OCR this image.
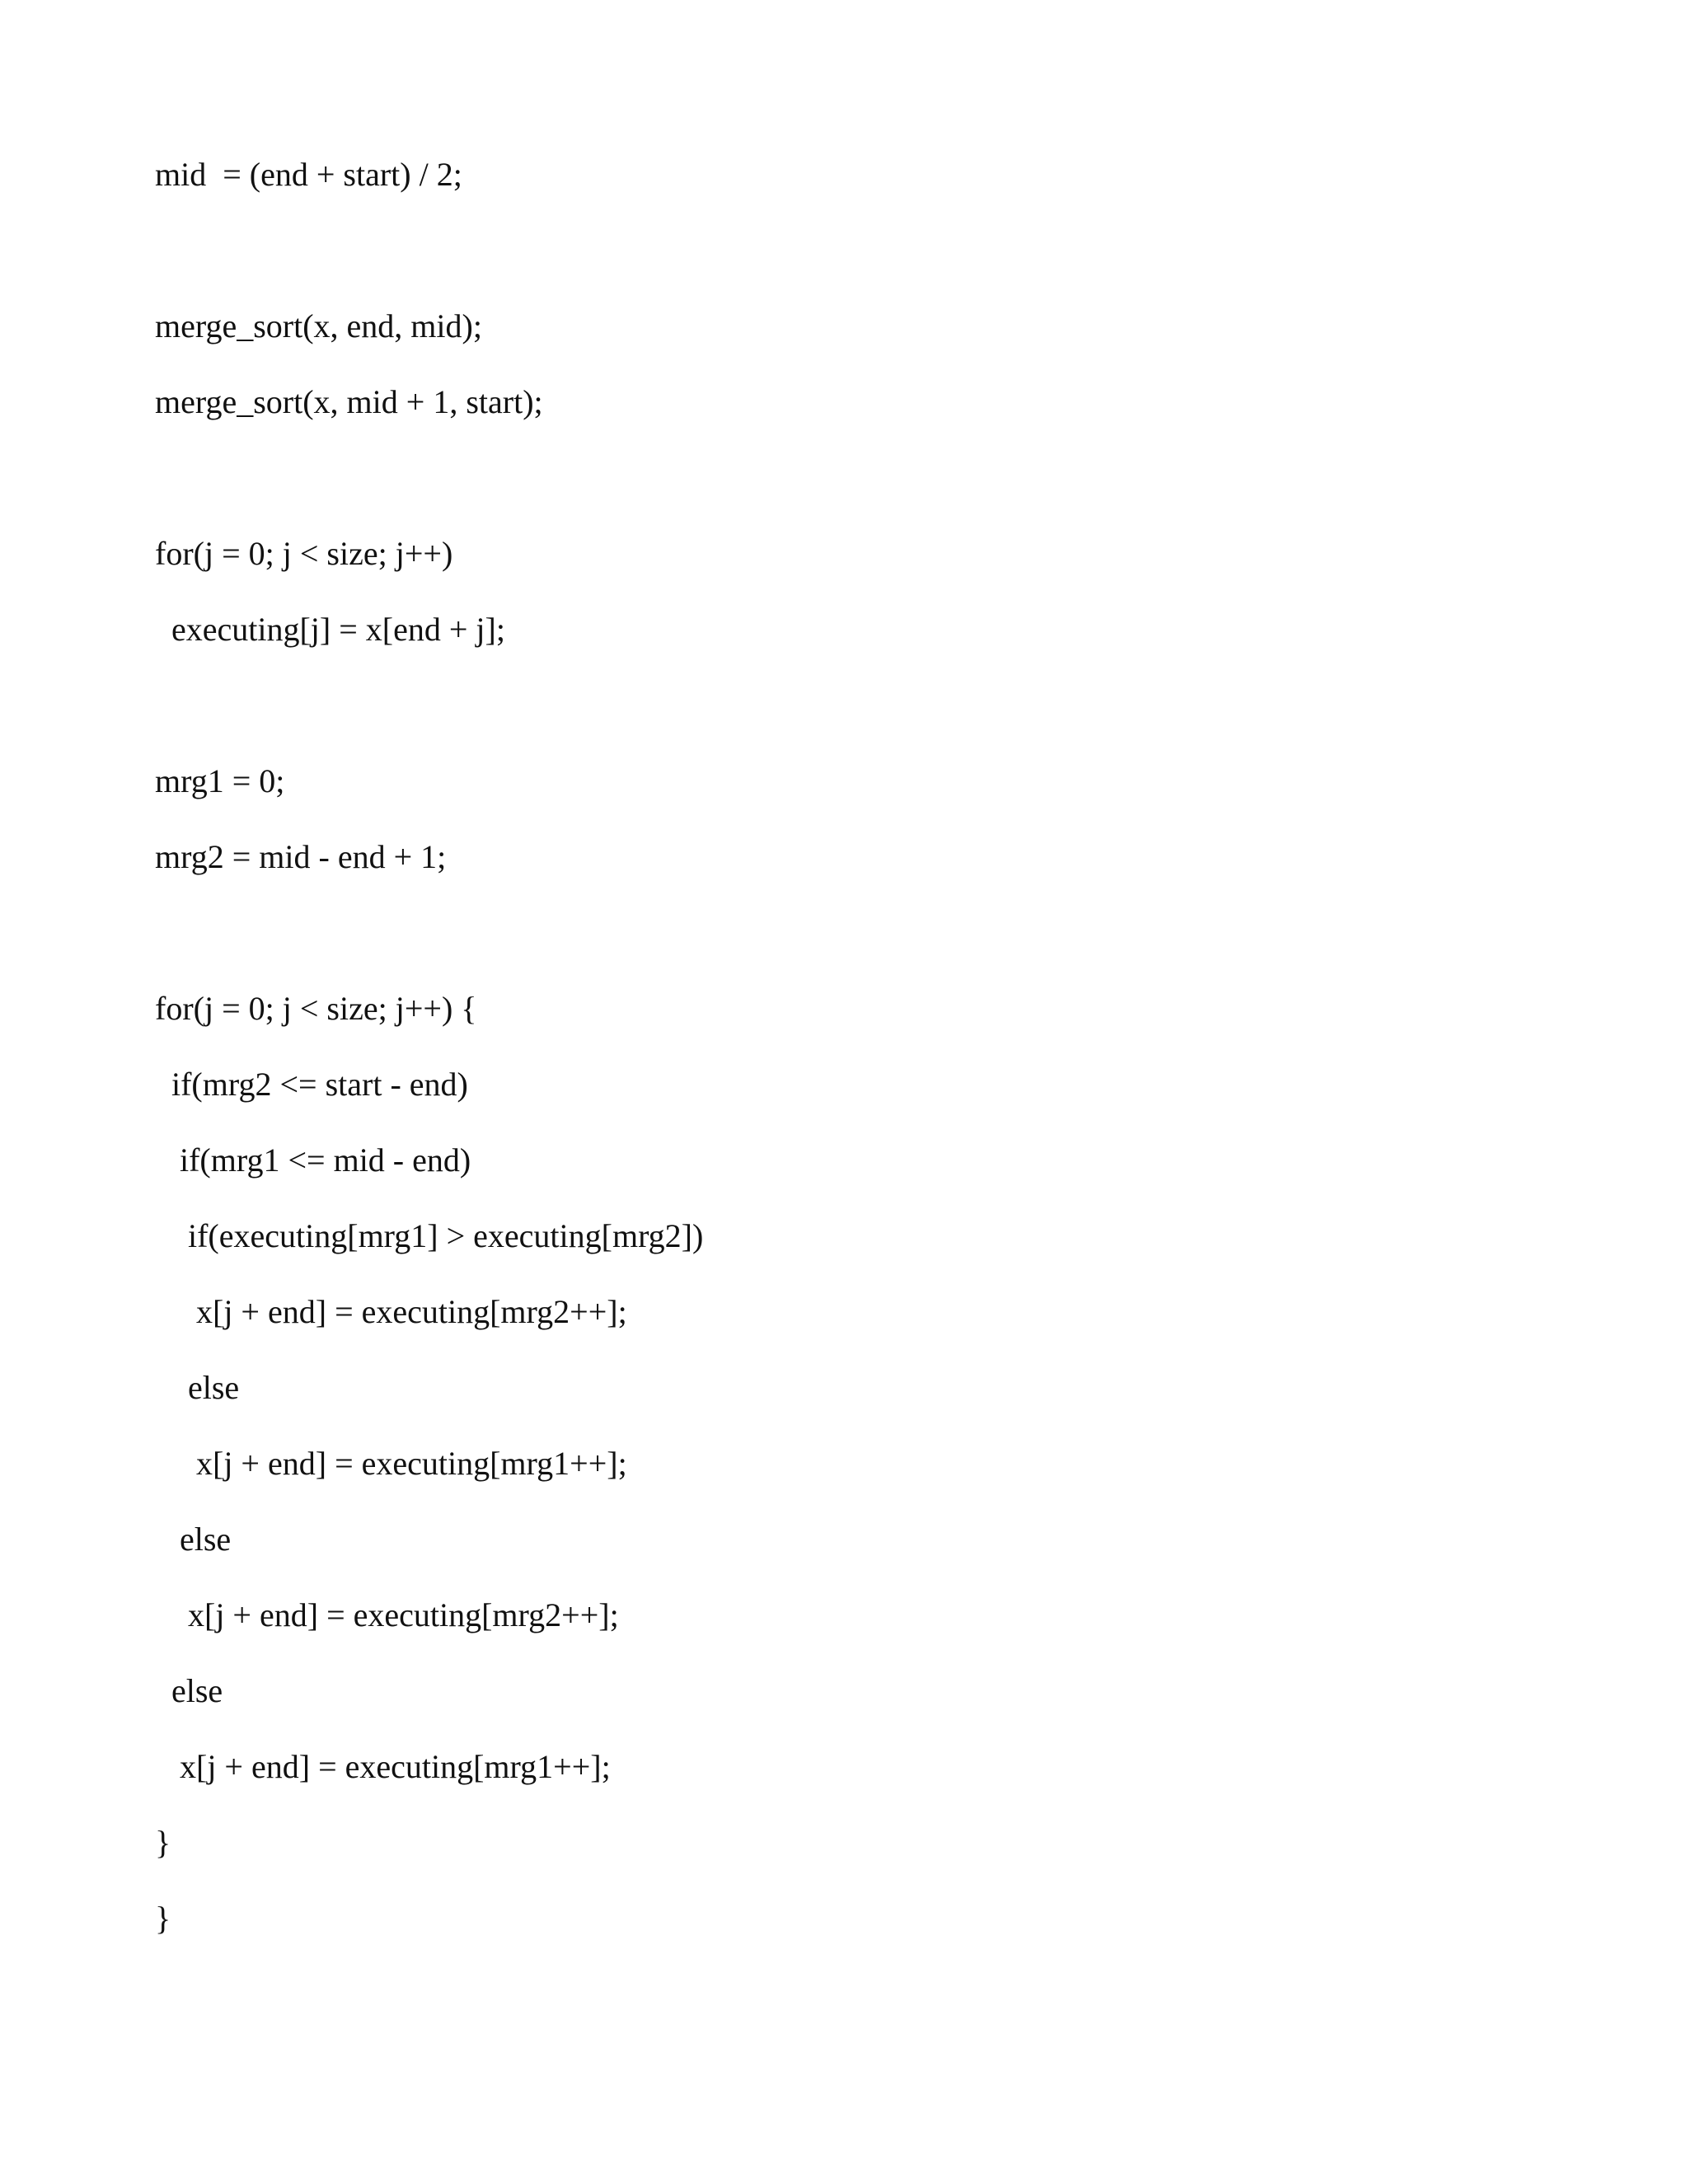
mid  = (end + start) / 2;
merge_sort(x, end, mid);
merge_sort(x, mid + 1, start);
for(j = 0; j < size; j++)
executing[j] = x[end + j];
mrg1 = 0;
mrg2 = mid - end + 1;
for(j = 0; j < size; j++) {
if(mrg2 <= start - end)
if(mrg1 <= mid - end)
if(executing[mrg1] > executing[mrg2])
x[j + end] = executing[mrg2++];
else
x[j + end] = executing[mrg1++];
else
x[j + end] = executing[mrg2++];
else
x[j + end] = executing[mrg1++];
}
}
